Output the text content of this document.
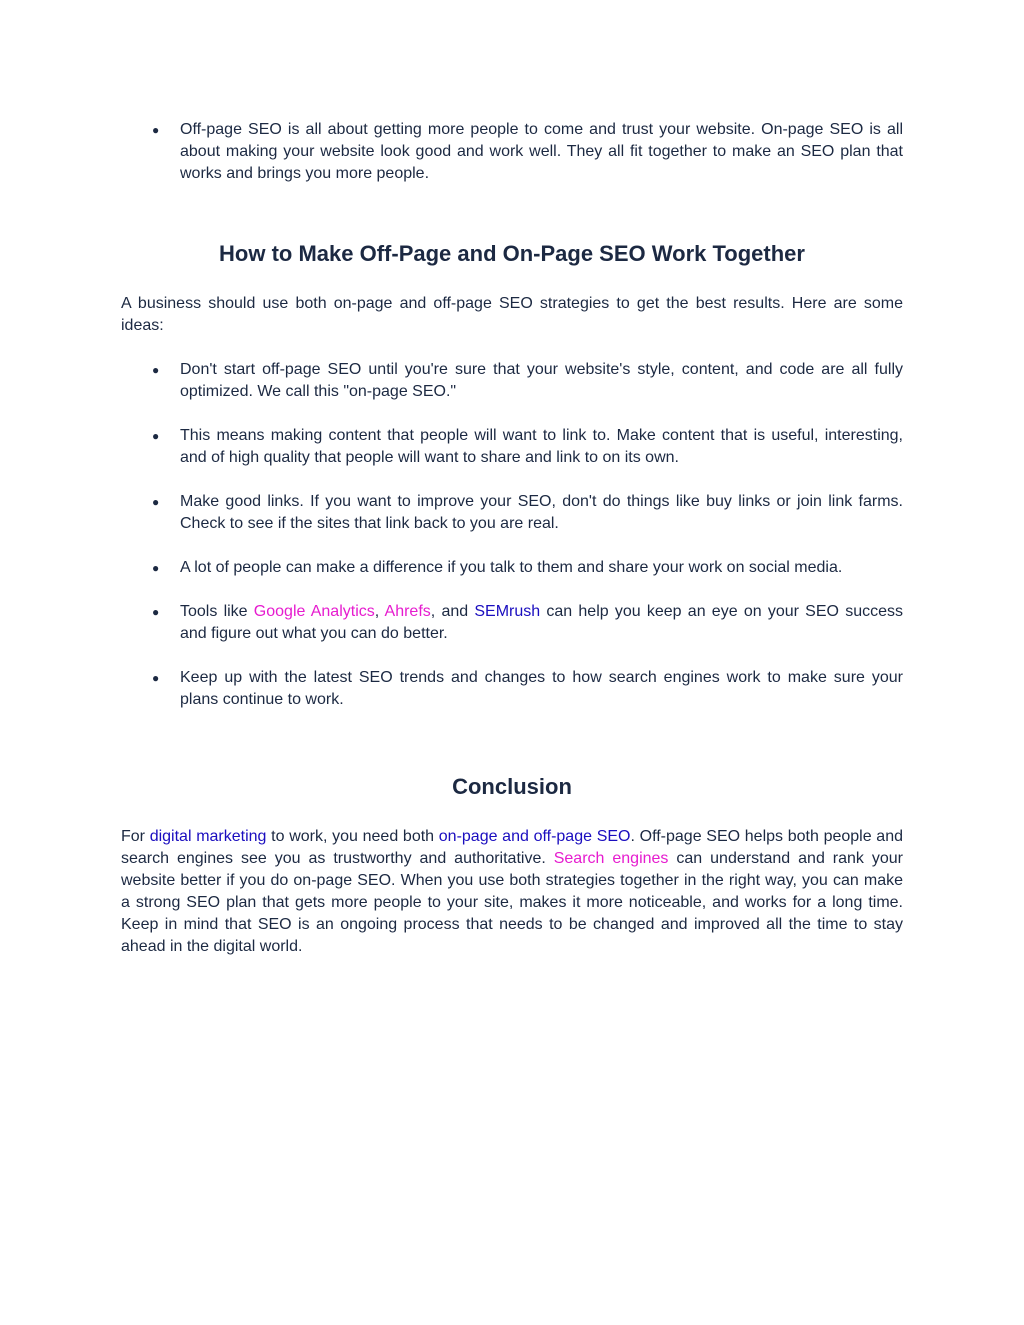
● Off-page SEO is all about getting more people to come and trust your website. On-page SEO is all about making your website look good and work well. They all fit together to make an SEO plan that works and brings you more people.
How to Make Off-Page and On-Page SEO Work Together

A business should use both on-page and off-page SEO strategies to get the best results. Here are some ideas:

● Don't start off-page SEO until you're sure that your website's style, content, and code are all fully optimized. We call this "on-page SEO."
● This means making content that people will want to link to. Make content that is useful, interesting, and of high quality that people will want to share and link to on its own.
● Make good links. If you want to improve your SEO, don't do things like buy links or join link farms. Check to see if the sites that link back to you are real.
● A lot of people can make a difference if you talk to them and share your work on social media.
● Tools like Google Analytics, Ahrefs, and SEMrush can help you keep an eye on your SEO success and figure out what you can do better.
● Keep up with the latest SEO trends and changes to how search engines work to make sure your plans continue to work.
Conclusion

For digital marketing to work, you need both on-page and off-page SEO. Off-page SEO helps both people and search engines see you as trustworthy and authoritative. Search engines can understand and rank your website better if you do on-page SEO. When you use both strategies together in the right way, you can make a strong SEO plan that gets more people to your site, makes it more noticeable, and works for a long time. Keep in mind that SEO is an ongoing process that needs to be changed and improved all the time to stay ahead in the digital world.
